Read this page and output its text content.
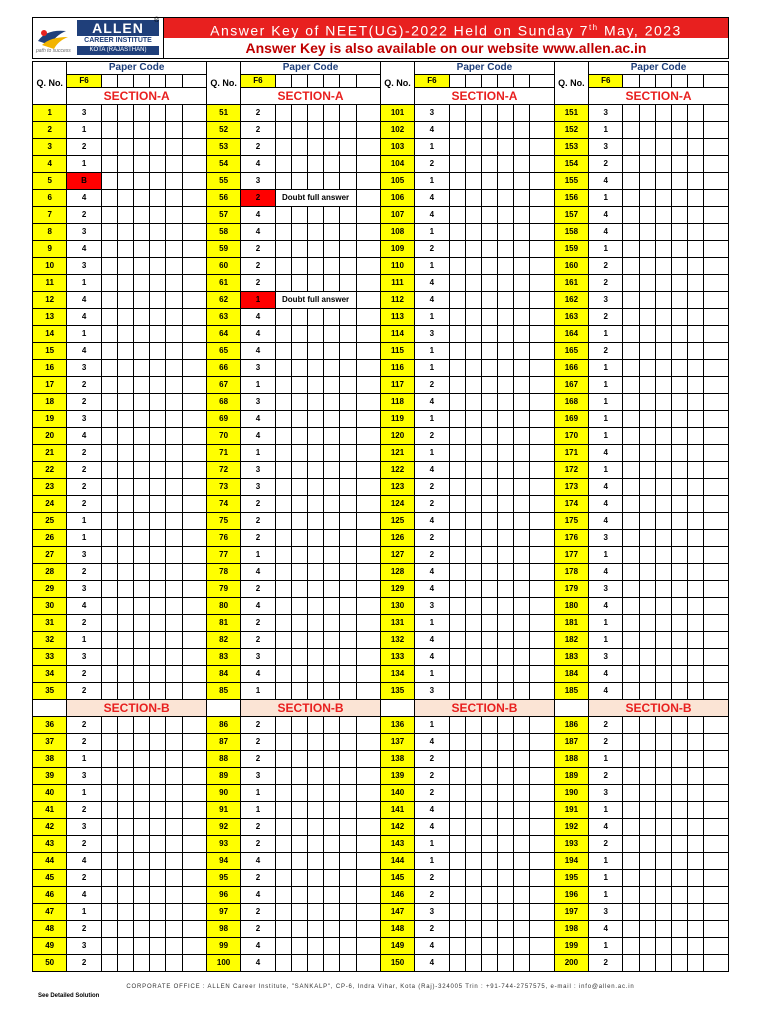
ALLEN
CAREER INSTITUTE
KOTA (RAJASTHAN)
path to success
®
Answer Key of NEET(UG)-2022 Held on Sunday 7th May, 2023
Answer Key is also available on our website www.allen.ac.in
Q. No.	Paper Code							Q. No.	Paper Code							Q. No.	Paper Code							Q. No.	Paper Code						
	F6								F6								F6								F6						
	SECTION-A								SECTION-A								SECTION-A								SECTION-A						
1	3							51	2							101	3							151	3						
2	1							52	2							102	4							152	1						
3	2							53	2							103	1							153	3						
4	1							54	4							104	2							154	2						
5	B							55	3							105	1							155	4						
6	4							56	2	Doubt full answer						106	4							156	1						
7	2							57	4							107	4							157	4						
8	3							58	4							108	1							158	4						
9	4							59	2							109	2							159	1						
10	3							60	2							110	1							160	2						
11	1							61	2							111	4							161	2						
12	4							62	1	Doubt full answer						112	4							162	3						
13	4							63	4							113	1							163	2						
14	1							64	4							114	3							164	1						
15	4							65	4							115	1							165	2						
16	3							66	3							116	1							166	1						
17	2							67	1							117	2							167	1						
18	2							68	3							118	4							168	1						
19	3							69	4							119	1							169	1						
20	4							70	4							120	2							170	1						
21	2							71	1							121	1							171	4						
22	2							72	3							122	4							172	1						
23	2							73	3							123	2							173	4						
24	2							74	2							124	2							174	4						
25	1							75	2							125	4							175	4						
26	1							76	2							126	2							176	3						
27	3							77	1							127	2							177	1						
28	2							78	4							128	4							178	4						
29	3							79	2							129	4							179	3						
30	4							80	4							130	3							180	4						
31	2							81	2							131	1							181	1						
32	1							82	2							132	4							182	1						
33	3							83	3							133	4							183	3						
34	2							84	4							134	1							184	4						
35	2							85	1							135	3							185	4						
	SECTION-B								SECTION-B								SECTION-B								SECTION-B						
36	2							86	2							136	1							186	2						
37	2							87	2							137	4							187	2						
38	1							88	2							138	2							188	1						
39	3							89	3							139	2							189	2						
40	1							90	1							140	2							190	3						
41	2							91	1							141	4							191	1						
42	3							92	2							142	4							192	4						
43	2							93	2							143	1							193	2						
44	4							94	4							144	1							194	1						
45	2							95	2							145	2							195	1						
46	4							96	4							146	2							196	1						
47	1							97	2							147	3							197	3						
48	2							98	2							148	2							198	4						
49	3							99	4							149	4							199	1						
50	2							100	4							150	4							200	2						
CORPORATE OFFICE : ALLEN Career Institute, "SANKALP", CP-6, Indra Vihar, Kota (Raj)-324005 Trin : +91-744-2757575, e-mail : info@allen.ac.in
See Detailed Solution
